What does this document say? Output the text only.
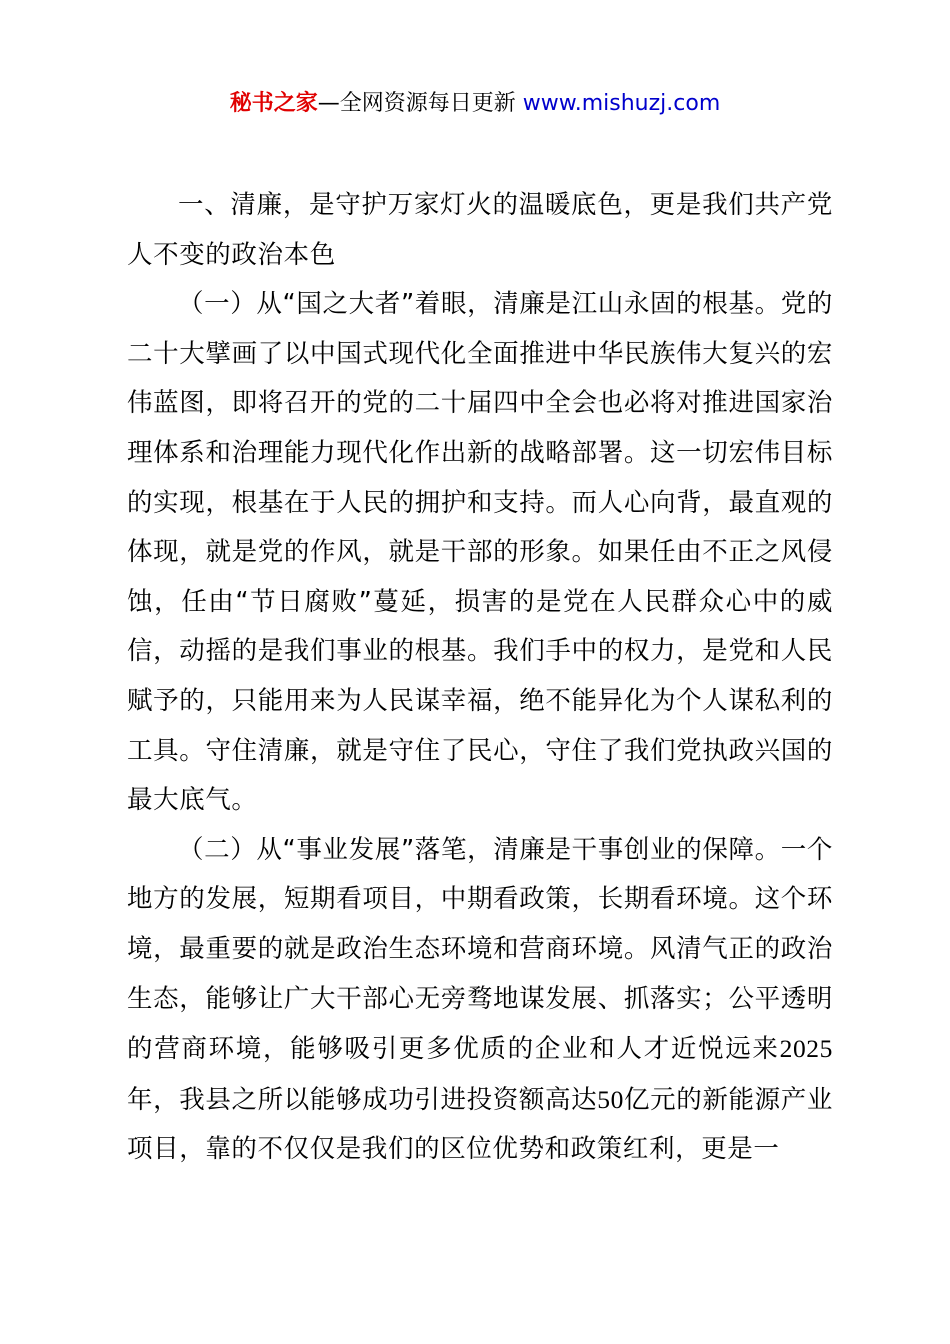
秘书之家—全网资源每日更新 www.mishuzj.com

一、清廉，是守护万家灯火的温暖底色，更是我们共产党人不变的政治本色

（一）从“国之大者”着眼，清廉是江山永固的根基。党的二十大擘画了以中国式现代化全面推进中华民族伟大复兴的宏伟蓝图，即将召开的党的二十届四中全会也必将对推进国家治理体系和治理能力现代化作出新的战略部署。这一切宏伟目标的实现，根基在于人民的拥护和支持。而人心向背，最直观的体现，就是党的作风，就是干部的形象。如果任由不正之风侵蚀，任由“节日腐败”蔓延，损害的是党在人民群众心中的威信，动摇的是我们事业的根基。我们手中的权力，是党和人民赋予的，只能用来为人民谋幸福，绝不能异化为个人谋私利的工具。守住清廉，就是守住了民心，守住了我们党执政兴国的最大底气。

（二）从“事业发展”落笔，清廉是干事创业的保障。一个地方的发展，短期看项目，中期看政策，长期看环境。这个环境，最重要的就是政治生态环境和营商环境。风清气正的政治生态，能够让广大干部心无旁骛地谋发展、抓落实；公平透明的营商环境，能够吸引更多优质的企业和人才近悦远来2025年，我县之所以能够成功引进投资额高达50亿元的新能源产业项目，靠的不仅仅是我们的区位优势和政策红利，更是一
